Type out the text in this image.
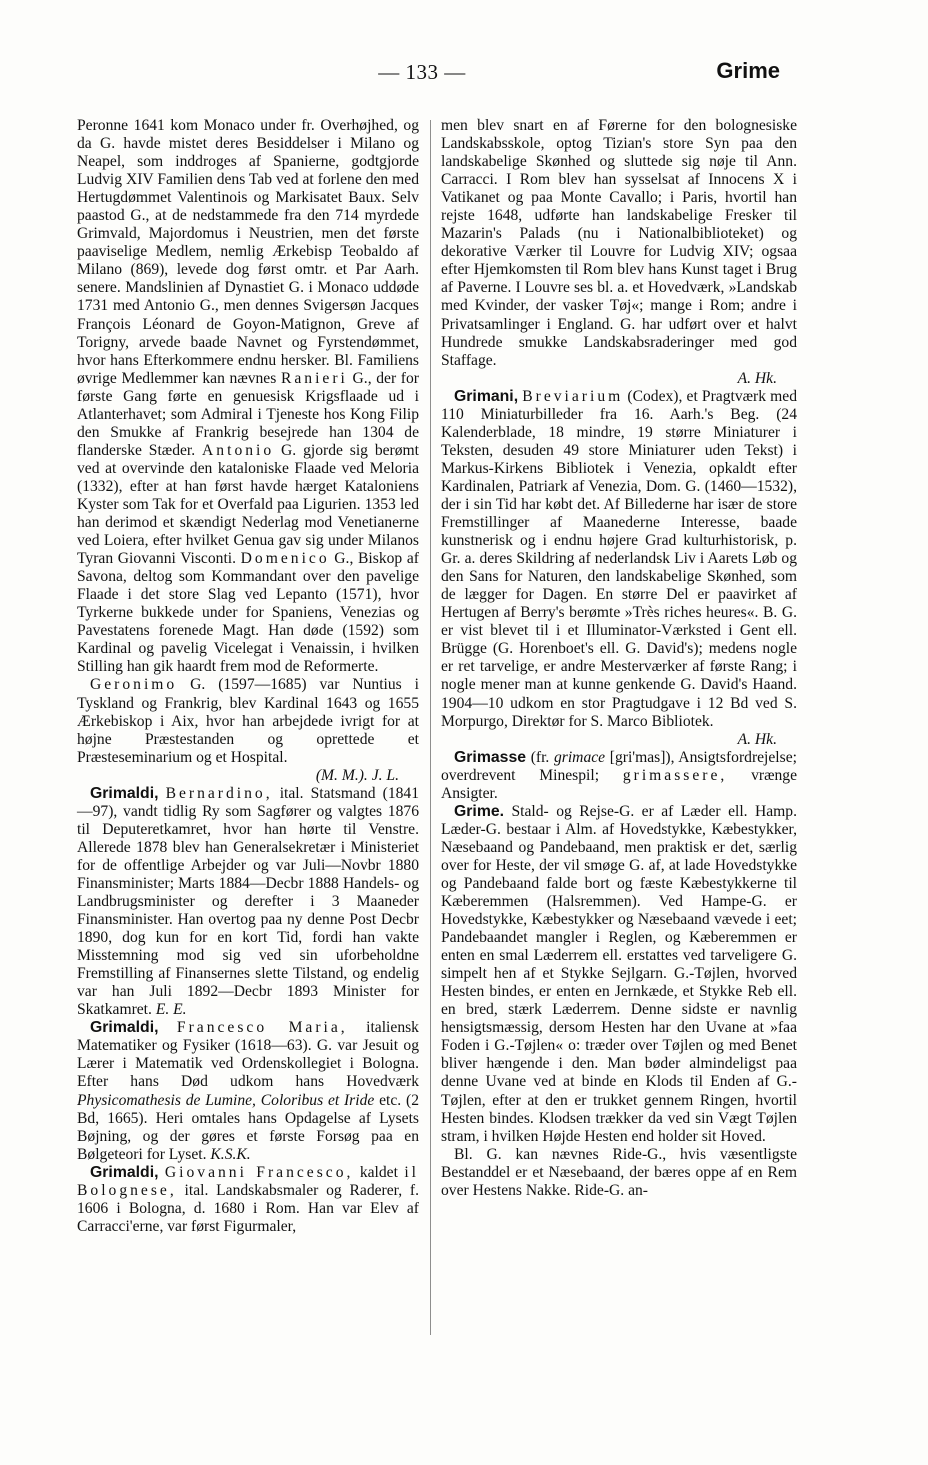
— 133 —	Grime

Peronne 1641 kom Monaco under fr. Overhøjhed, og da G. havde mistet deres Besiddelser i Milano og Neapel, som inddroges af Spanierne, godtgjorde Ludvig XIV Familien dens Tab ved at forlene den med Hertugdømmet Valentinois og Markisatet Baux. Selv paastod G., at de nedstammede fra den 714 myrdede Grimvald, Majordomus i Neustrien, men det første paaviselige Medlem, nemlig Ærkebisp Teobaldo af Milano (869), levede dog først omtr. et Par Aarh. senere. Mandslinien af Dynastiet G. i Monaco uddøde 1731 med Antonio G., men dennes Svigersøn Jacques François Léonard de Goyon-Matignon, Greve af Torigny, arvede baade Navnet og Fyrstendømmet, hvor hans Efterkommere endnu hersker. Bl. Familiens øvrige Medlemmer kan nævnes Ranieri G., der for første Gang førte en genuesisk Krigsflaade ud i Atlanterhavet; som Admiral i Tjeneste hos Kong Filip den Smukke af Frankrig besejrede han 1304 de flanderske Stæder. Antonio G. gjorde sig berømt ved at overvinde den kataloniske Flaade ved Meloria (1332), efter at han først havde hærget Kataloniens Kyster som Tak for et Overfald paa Ligurien. 1353 led han derimod et skændigt Nederlag mod Venetianerne ved Loiera, efter hvilket Genua gav sig under Milanos Tyran Giovanni Visconti. Domenico G., Biskop af Savona, deltog som Kommandant over den pavelige Flaade i det store Slag ved Lepanto (1571), hvor Tyrkerne bukkede under for Spaniens, Venezias og Pavestatens forenede Magt. Han døde (1592) som Kardinal og pavelig Vicelegat i Venaissin, i hvilken Stilling han gik haardt frem mod de Reformerte.

Geronimo G. (1597—1685) var Nuntius i Tyskland og Frankrig, blev Kardinal 1643 og 1655 Ærkebiskop i Aix, hvor han arbejdede ivrigt for at højne Præstestanden og oprettede et Præsteseminarium og et Hospital.
(M. M.). J. L.

Grimaldi, Bernardino, ital. Statsmand (1841—97), vandt tidlig Ry som Sagfører og valgtes 1876 til Deputeretkamret, hvor han hørte til Venstre. Allerede 1878 blev han Generalsekretær i Ministeriet for de offentlige Arbejder og var Juli—Novbr 1880 Finansminister; Marts 1884—Decbr 1888 Handels- og Landbrugsminister og derefter i 3 Maaneder Finansminister. Han overtog paa ny denne Post Decbr 1890, dog kun for en kort Tid, fordi han vakte Misstemning mod sig ved sin uforbeholdne Fremstilling af Finansernes slette Tilstand, og endelig var han Juli 1892—Decbr 1893 Minister for Skatkamret. E. E.

Grimaldi, Francesco Maria, italiensk Matematiker og Fysiker (1618—63). G. var Jesuit og Lærer i Matematik ved Ordenskollegiet i Bologna. Efter hans Død udkom hans Hovedværk Physicomathesis de Lumine, Coloribus et Iride etc. (2 Bd, 1665). Heri omtales hans Opdagelse af Lysets Bøjning, og der gøres et første Forsøg paa en Bølgeteori for Lyset. K.S.K.

Grimaldi, Giovanni Francesco, kaldet il Bolognese, ital. Landskabsmaler og Raderer, f. 1606 i Bologna, d. 1680 i Rom. Han var Elev af Carracci'erne, var først Figurmaler,

men blev snart en af Førerne for den bolognesiske Landskabsskole, optog Tizian's store Syn paa den landskabelige Skønhed og sluttede sig nøje til Ann. Carracci. I Rom blev han sysselsat af Innocens X i Vatikanet og paa Monte Cavallo; i Paris, hvortil han rejste 1648, udførte han landskabelige Fresker til Mazarin's Palads (nu i Nationalbiblioteket) og dekorative Værker til Louvre for Ludvig XIV; ogsaa efter Hjemkomsten til Rom blev hans Kunst taget i Brug af Paverne. I Louvre ses bl. a. et Hovedværk, »Landskab med Kvinder, der vasker Tøj«; mange i Rom; andre i Privatsamlinger i England. G. har udført over et halvt Hundrede smukke Landskabsraderinger med god Staffage.
A. Hk.

Grimani, Breviarium (Codex), et Pragtværk med 110 Miniaturbilleder fra 16. Aarh.'s Beg. (24 Kalenderblade, 18 mindre, 19 større Miniaturer i Teksten, desuden 49 store Miniaturer uden Tekst) i Markus-Kirkens Bibliotek i Venezia, opkaldt efter Kardinalen, Patriark af Venezia, Dom. G. (1460—1532), der i sin Tid har købt det. Af Billederne har især de store Fremstillinger af Maanederne Interesse, baade kunstnerisk og i endnu højere Grad kulturhistorisk, p. Gr. a. deres Skildring af nederlandsk Liv i Aarets Løb og den Sans for Naturen, den landskabelige Skønhed, som de lægger for Dagen. En større Del er paavirket af Hertugen af Berry's berømte »Très riches heures«. B. G. er vist blevet til i et Illuminator-Værksted i Gent ell. Brügge (G. Horenboet's ell. G. David's); medens nogle er ret tarvelige, er andre Mesterværker af første Rang; i nogle mener man at kunne genkende G. David's Haand. 1904—10 udkom en stor Pragtudgave i 12 Bd ved S. Morpurgo, Direktør for S. Marco Bibliotek.
A. Hk.

Grimasse (fr. grimace [gri'mas]), Ansigtsfordrejelse; overdrevent Minespil; grimassere, vrænge Ansigter.

Grime. Stald- og Rejse-G. er af Læder ell. Hamp. Læder-G. bestaar i Alm. af Hovedstykke, Kæbestykker, Næsebaand og Pandebaand, men praktisk er det, særlig over for Heste, der vil smøge G. af, at lade Hovedstykke og Pandebaand falde bort og fæste Kæbestykkerne til Kæberemmen (Halsremmen). Ved Hampe-G. er Hovedstykke, Kæbestykker og Næsebaand vævede i eet; Pandebaandet mangler i Reglen, og Kæberemmen er enten en smal Læderrem ell. erstattes ved tarveligere G. simpelt hen af et Stykke Sejlgarn. G.-Tøjlen, hvorved Hesten bindes, er enten en Jernkæde, et Stykke Reb ell. en bred, stærk Læderrem. Denne sidste er navnlig hensigtsmæssig, dersom Hesten har den Uvane at »faa Foden i G.-Tøjlen« o: træder over Tøjlen og med Benet bliver hængende i den. Man bøder almindeligst paa denne Uvane ved at binde en Klods til Enden af G.-Tøjlen, efter at den er trukket gennem Ringen, hvortil Hesten bindes. Klodsen trækker da ved sin Vægt Tøjlen stram, i hvilken Højde Hesten end holder sit Hoved.

Bl. G. kan nævnes Ride-G., hvis væsentligste Bestanddel er et Næsebaand, der bæres oppe af en Rem over Hestens Nakke. Ride-G. an-
